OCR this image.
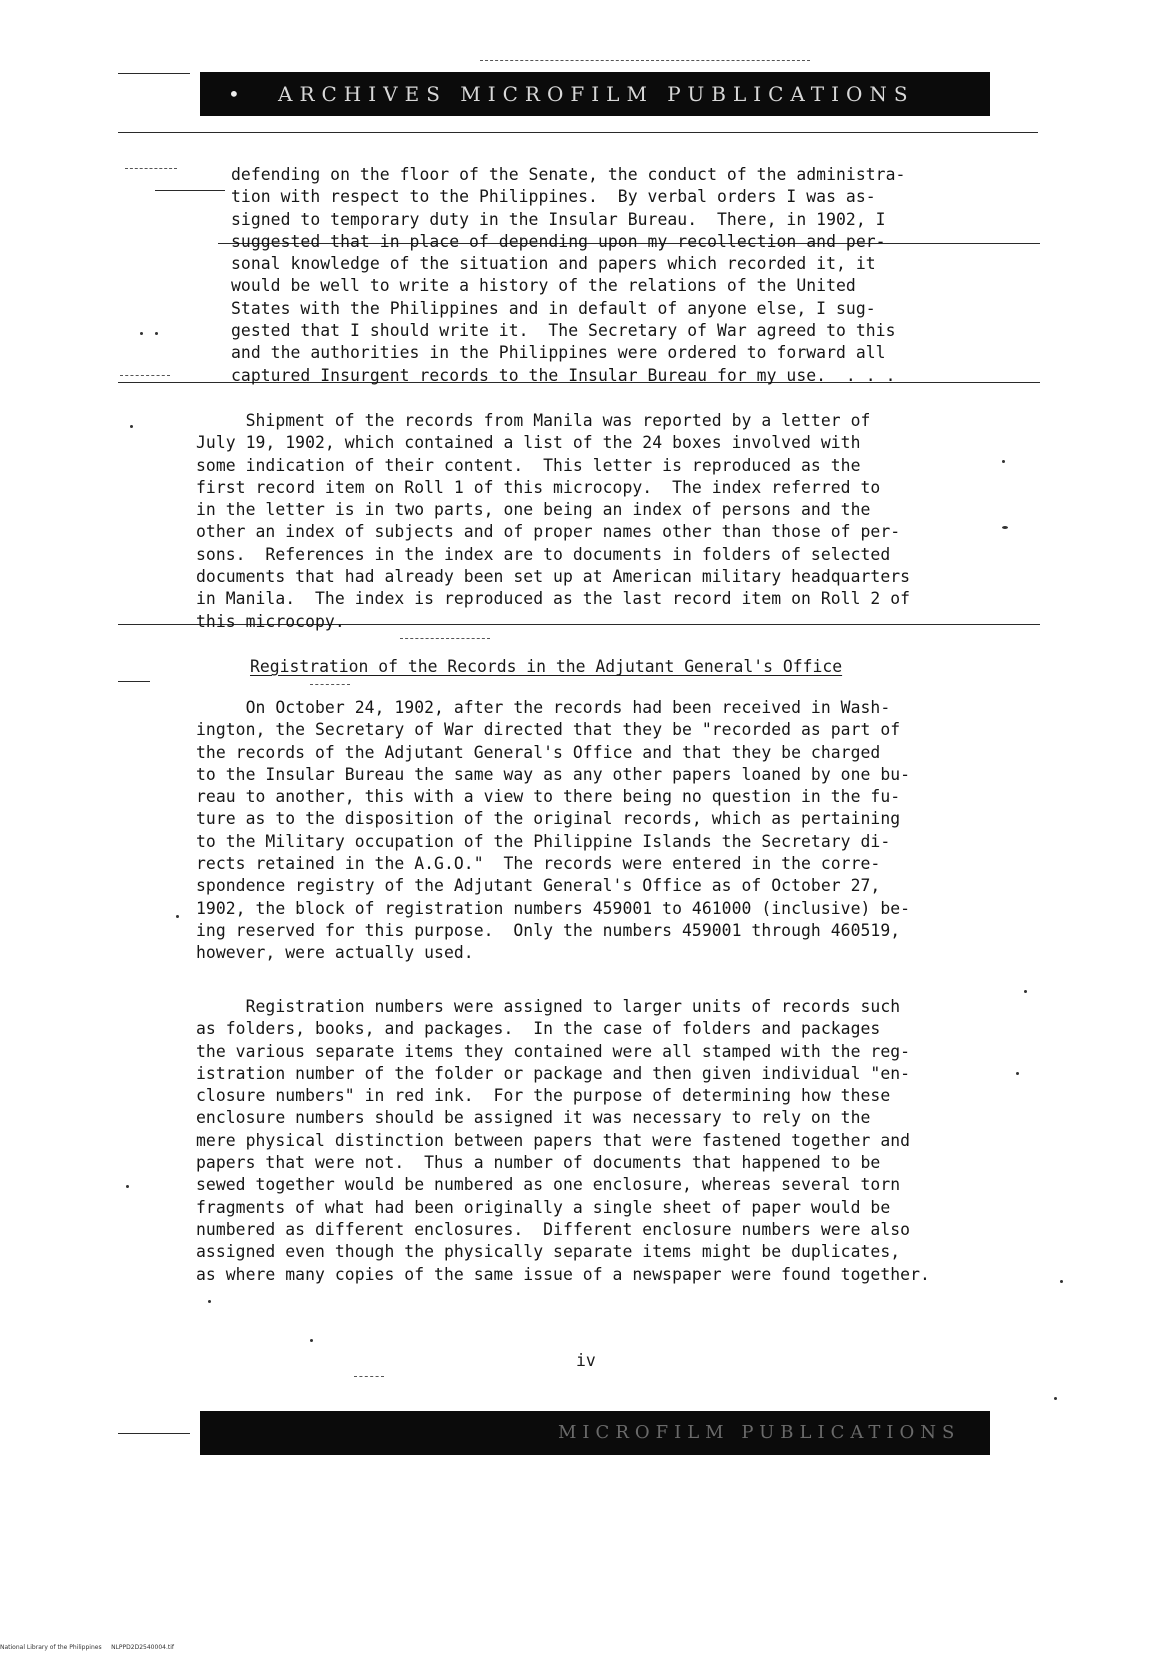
• ARCHIVES MICROFILM PUBLICATIONS
defending on the floor of the Senate, the conduct of the administra-
tion with respect to the Philippines.  By verbal orders I was as-
signed to temporary duty in the Insular Bureau.  There, in 1902, I
suggested that in place of depending upon my recollection and per-
sonal knowledge of the situation and papers which recorded it, it
would be well to write a history of the relations of the United
States with the Philippines and in default of anyone else, I sug-
gested that I should write it.  The Secretary of War agreed to this
and the authorities in the Philippines were ordered to forward all
captured Insurgent records to the Insular Bureau for my use.  . . .
Shipment of the records from Manila was reported by a letter of
July 19, 1902, which contained a list of the 24 boxes involved with
some indication of their content.  This letter is reproduced as the
first record item on Roll 1 of this microcopy.  The index referred to
in the letter is in two parts, one being an index of persons and the
other an index of subjects and of proper names other than those of per-
sons.  References in the index are to documents in folders of selected
documents that had already been set up at American military headquarters
in Manila.  The index is reproduced as the last record item on Roll 2 of
this microcopy.
Registration of the Records in the Adjutant General's Office
On October 24, 1902, after the records had been received in Wash-
ington, the Secretary of War directed that they be "recorded as part of
the records of the Adjutant General's Office and that they be charged
to the Insular Bureau the same way as any other papers loaned by one bu-
reau to another, this with a view to there being no question in the fu-
ture as to the disposition of the original records, which as pertaining
to the Military occupation of the Philippine Islands the Secretary di-
rects retained in the A.G.O."  The records were entered in the corre-
spondence registry of the Adjutant General's Office as of October 27,
1902, the block of registration numbers 459001 to 461000 (inclusive) be-
ing reserved for this purpose.  Only the numbers 459001 through 460519,
however, were actually used.
Registration numbers were assigned to larger units of records such
as folders, books, and packages.  In the case of folders and packages
the various separate items they contained were all stamped with the reg-
istration number of the folder or package and then given individual "en-
closure numbers" in red ink.  For the purpose of determining how these
enclosure numbers should be assigned it was necessary to rely on the
mere physical distinction between papers that were fastened together and
papers that were not.  Thus a number of documents that happened to be
sewed together would be numbered as one enclosure, whereas several torn
fragments of what had been originally a single sheet of paper would be
numbered as different enclosures.  Different enclosure numbers were also
assigned even though the physically separate items might be duplicates,
as where many copies of the same issue of a newspaper were found together.
iv
MICROFILM PUBLICATIONS
National Library of the Philippines     NLPPD2D2540004.tif
